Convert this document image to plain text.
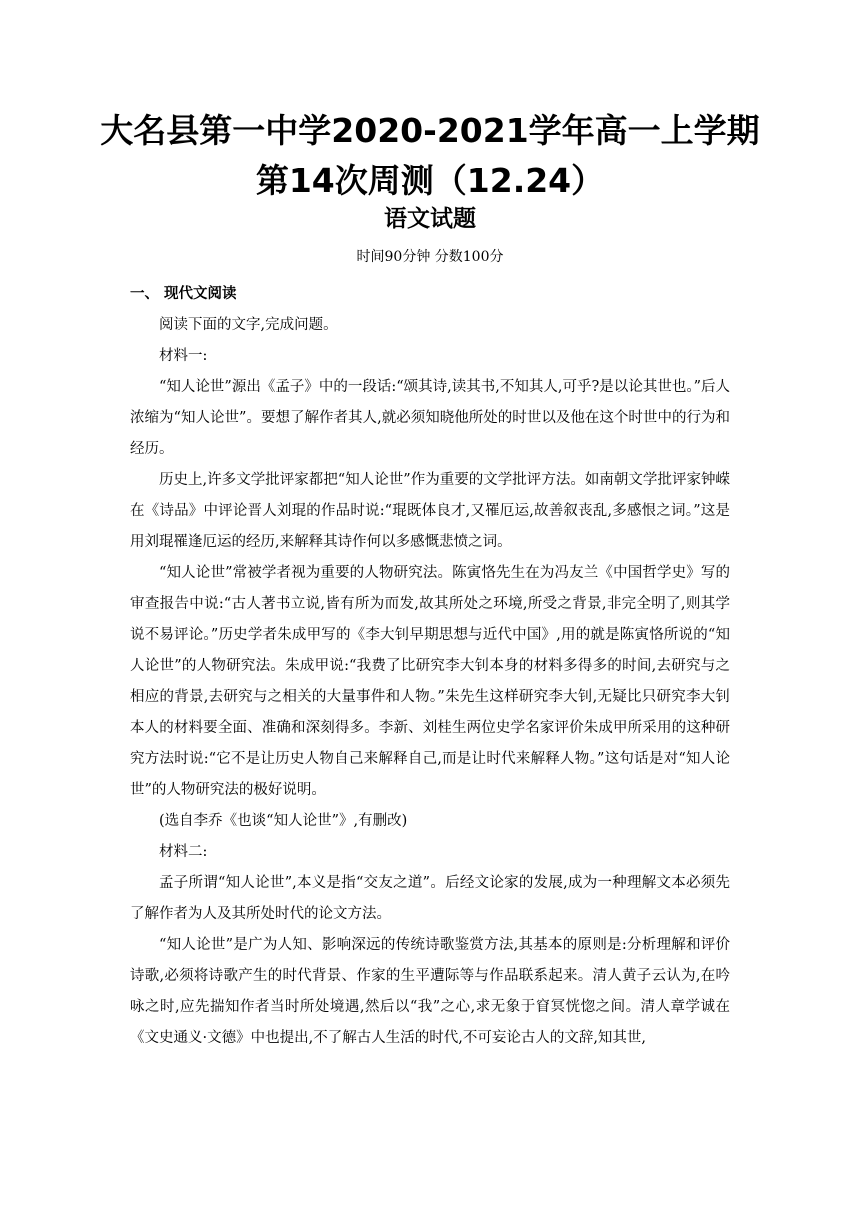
大名县第一中学2020-2021学年高一上学期第14次周测（12.24）
语文试题
时间90分钟 分数100分
一、 现代文阅读

阅读下面的文字,完成问题。

材料一:

“知人论世”源出《孟子》中的一段话:“颂其诗,读其书,不知其人,可乎?是以论其世也。”后人浓缩为“知人论世”。要想了解作者其人,就必须知晓他所处的时世以及他在这个时世中的行为和经历。

历史上,许多文学批评家都把“知人论世”作为重要的文学批评方法。如南朝文学批评家钟嵘在《诗品》中评论晋人刘琨的作品时说:“琨既体良才,又罹厄运,故善叙丧乱,多感恨之词。”这是用刘琨罹逢厄运的经历,来解释其诗作何以多感慨悲愤之词。

“知人论世”常被学者视为重要的人物研究法。陈寅恪先生在为冯友兰《中国哲学史》写的审查报告中说:“古人著书立说,皆有所为而发,故其所处之环境,所受之背景,非完全明了,则其学说不易评论。”历史学者朱成甲写的《李大钊早期思想与近代中国》,用的就是陈寅恪所说的“知人论世”的人物研究法。朱成甲说:“我费了比研究李大钊本身的材料多得多的时间,去研究与之相应的背景,去研究与之相关的大量事件和人物。”朱先生这样研究李大钊,无疑比只研究李大钊本人的材料要全面、准确和深刻得多。李新、刘桂生两位史学名家评价朱成甲所采用的这种研究方法时说:“它不是让历史人物自己来解释自己,而是让时代来解释人物。”这句话是对“知人论世”的人物研究法的极好说明。

(选自李乔《也谈“知人论世”》,有删改)

材料二:

孟子所谓“知人论世”,本义是指“交友之道”。后经文论家的发展,成为一种理解文本必须先了解作者为人及其所处时代的论文方法。

“知人论世”是广为人知、影响深远的传统诗歌鉴赏方法,其基本的原则是:分析理解和评价诗歌,必须将诗歌产生的时代背景、作家的生平遭际等与作品联系起来。清人黄子云认为,在吟咏之时,应先揣知作者当时所处境遇,然后以“我”之心,求无象于窅冥恍惚之间。清人章学诚在《文史通义·文德》中也提出,不了解古人生活的时代,不可妄论古人的文辞,知其世,
